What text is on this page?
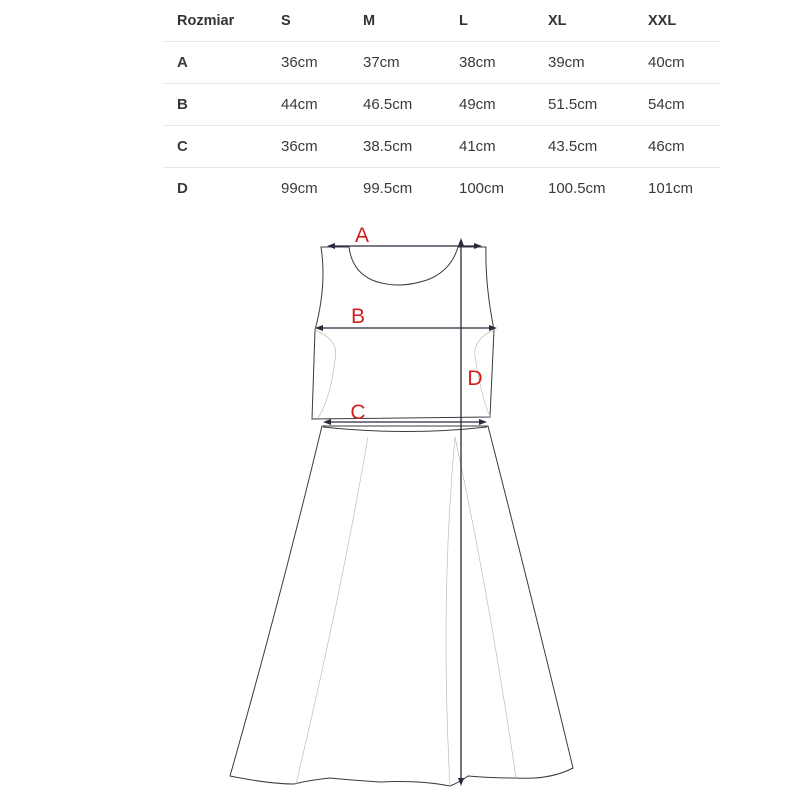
Rozmiar	S	M	L	XL	XXL
A	36cm	37cm	38cm	39cm	40cm
B	44cm	46.5cm	49cm	51.5cm	54cm
C	36cm	38.5cm	41cm	43.5cm	46cm
D	99cm	99.5cm	100cm	100.5cm	101cm
A
B
C
D
